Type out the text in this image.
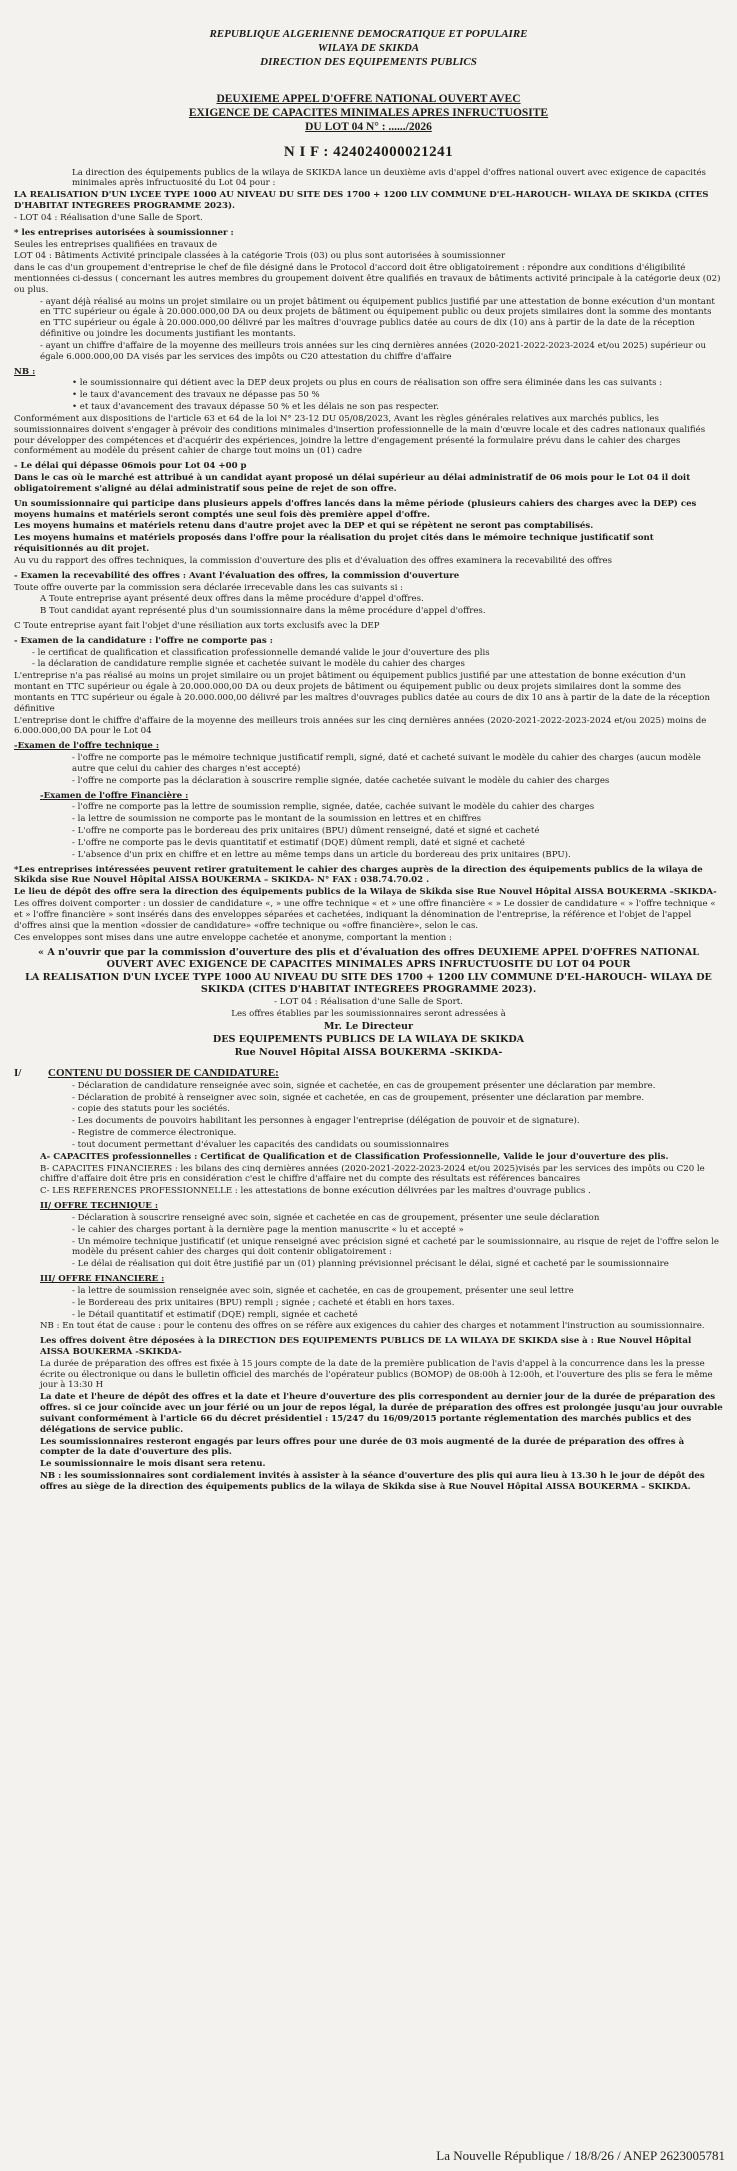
REPUBLIQUE ALGERIENNE DEMOCRATIQUE ET POPULAIRE
WILAYA DE SKIKDA
DIRECTION DES EQUIPEMENTS PUBLICS
DEUXIEME APPEL D'OFFRE NATIONAL OUVERT AVEC
EXIGENCE DE CAPACITES MINIMALES APRES INFRUCTUOSITE
DU LOT 04 N° : ....../2026
N I F : 424024000021241

La direction des équipements publics de la wilaya de SKIKDA lance un deuxième avis d'appel d'offres national ouvert avec exigence de capacités minimales après infructuosité du Lot 04 pour :

LA REALISATION D'UN LYCEE TYPE 1000 AU NIVEAU DU SITE DES 1700 + 1200 LLV COMMUNE D'EL-HAROUCH- WILAYA DE SKIKDA (CITES D'HABITAT INTEGREES PROGRAMME 2023).

- LOT 04 : Réalisation d'une Salle de Sport.

* les entreprises autorisées à soumissionner :

Seules les entreprises qualifiées en travaux de

LOT 04 : Bâtiments Activité principale classées à la catégorie Trois (03) ou plus sont autorisées à soumissionner

dans le cas d'un groupement d'entreprise le chef de file désigné dans le Protocol d'accord doit être obligatoirement : répondre aux conditions d'éligibilité mentionnées ci-dessus ( concernant les autres membres du groupement doivent être qualifiés en travaux de bâtiments activité principale à la catégorie deux (02) ou plus.

- ayant déjà réalisé au moins un projet similaire ou un projet bâtiment ou équipement publics justifié par une attestation de bonne exécution d'un montant en TTC supérieur ou égale à 20.000.000,00 DA ou deux projets de bâtiment ou équipement public ou deux projets similaires dont la somme des montants en TTC supérieur ou égale à 20.000.000,00 délivré par les maîtres d'ouvrage publics datée au cours de dix (10) ans à partir de la date de la réception définitive ou joindre les documents justifiant les montants.

- ayant un chiffre d'affaire de la moyenne des meilleurs trois années sur les cinq dernières années (2020-2021-2022-2023-2024 et/ou 2025) supérieur ou égale 6.000.000,00 DA visés par les services des impôts ou C20 attestation du chiffre d'affaire

NB :

• le soumissionnaire qui détient avec la DEP deux projets ou plus en cours de réalisation son offre sera éliminée dans les cas suivants :

• le taux d'avancement des travaux ne dépasse pas 50 %

• et taux d'avancement des travaux dépasse 50 % et les délais ne son pas respecter.

Conformément aux dispositions de l'article 63 et 64 de la loi N° 23-12 DU 05/08/2023, Avant les règles générales relatives aux marchés publics, les soumissionnaires doivent s'engager à prévoir des conditions minimales d'insertion professionnelle de la main d'œuvre locale et des cadres nationaux qualifiés pour développer des compétences et d'acquérir des expériences, joindre la lettre d'engagement présenté la formulaire prévu dans le cahier des charges conformément au modèle du présent cahier de charge tout moins un (01) cadre

- Le délai qui dépasse 06mois pour Lot 04 +00 p

Dans le cas où le marché est attribué à un candidat ayant proposé un délai supérieur au délai administratif de 06 mois pour le Lot 04 il doit obligatoirement s'aligné au délai administratif sous peine de rejet de son offre.

Un soumissionnaire qui participe dans plusieurs appels d'offres lancés dans la même période (plusieurs cahiers des charges avec la DEP) ces moyens humains et matériels seront comptés une seul fois dès première appel d'offre.

Les moyens humains et matériels retenu dans d'autre projet avec la DEP et qui se répètent ne seront pas comptabilisés.

Les moyens humains et matériels proposés dans l'offre pour la réalisation du projet cités dans le mémoire technique justificatif sont réquisitionnés au dit projet.

Au vu du rapport des offres techniques, la commission d'ouverture des plis et d'évaluation des offres examinera la recevabilité des offres

- Examen la recevabilité des offres : Avant l'évaluation des offres, la commission d'ouverture

Toute offre ouverte par la commission sera déclarée irrecevable dans les cas suivants si :

A Toute entreprise ayant présenté deux offres dans la même procédure d'appel d'offres.

B Tout candidat ayant représenté plus d'un soumissionnaire dans la même procédure d'appel d'offres.

C Toute entreprise ayant fait l'objet d'une résiliation aux torts exclusifs avec la DEP

- Examen de la candidature : l'offre ne comporte pas :

- le certificat de qualification et classification professionnelle demandé valide le jour d'ouverture des plis

- la déclaration de candidature remplie signée et cachetée suivant le modèle du cahier des charges

L'entreprise n'a pas réalisé au moins un projet similaire ou un projet bâtiment ou équipement publics justifié par une attestation de bonne exécution d'un montant en TTC supérieur ou égale à 20.000.000,00 DA ou deux projets de bâtiment ou équipement public ou deux projets similaires dont la somme des montants en TTC supérieur ou égale à 20.000.000,00 délivré par les maîtres d'ouvrages publics datée au cours de dix 10 ans à partir de la date de la réception définitive

L'entreprise dont le chiffre d'affaire de la moyenne des meilleurs trois années sur les cinq dernières années (2020-2021-2022-2023-2024 et/ou 2025) moins de 6.000.000,00 DA pour le Lot 04

-Examen de l'offre technique :

- l'offre ne comporte pas le mémoire technique justificatif rempli, signé, daté et cacheté suivant le modèle du cahier des charges (aucun modèle autre que celui du cahier des charges n'est accepté)

- l'offre ne comporte pas la déclaration à souscrire remplie signée, datée cachetée suivant le modèle du cahier des charges

-Examen de l'offre Financière :

- l'offre ne comporte pas la lettre de soumission remplie, signée, datée, cachée suivant le modèle du cahier des charges

- la lettre de soumission ne comporte pas le montant de la soumission en lettres et en chiffres

- L'offre ne comporte pas le bordereau des prix unitaires (BPU) dûment renseigné, daté et signé et cacheté

- L'offre ne comporte pas le devis quantitatif et estimatif (DQE) dûment rempli, daté et signé et cacheté

- L'absence d'un prix en chiffre et en lettre au même temps dans un article du bordereau des prix unitaires (BPU).

*Les entreprises intéressées peuvent retirer gratuitement le cahier des charges auprès de la direction des équipements publics de la wilaya de Skikda sise Rue Nouvel Hôpital AISSA BOUKERMA – SKIKDA- N° FAX : 038.74.70.02 .

Le lieu de dépôt des offre sera la direction des équipements publics de la Wilaya de Skikda sise Rue Nouvel Hôpital AISSA BOUKERMA –SKIKDA-

Les offres doivent comporter : un dossier de candidature «, » une offre technique « et » une offre financière « » Le dossier de candidature « » l'offre technique « et » l'offre financière » sont insérés dans des enveloppes séparées et cachetées, indiquant la dénomination de l'entreprise, la référence et l'objet de l'appel d'offres ainsi que la mention «dossier de candidature» «offre technique ou «offre financière», selon le cas.

Ces enveloppes sont mises dans une autre enveloppe cachetée et anonyme, comportant la mention :

« A n'ouvrir que par la commission d'ouverture des plis et d'évaluation des offres DEUXIEME APPEL D'OFFRES NATIONAL OUVERT AVEC EXIGENCE DE CAPACITES MINIMALES APRS INFRUCTUOSITE DU LOT 04 POUR

LA REALISATION D'UN LYCEE TYPE 1000 AU NIVEAU DU SITE DES 1700 + 1200 LLV COMMUNE D'EL-HAROUCH- WILAYA DE SKIKDA (CITES D'HABITAT INTEGREES PROGRAMME 2023).

- LOT 04 : Réalisation d'une Salle de Sport.

Les offres établies par les soumissionnaires seront adressées à

Mr. Le Directeur

DES EQUIPEMENTS PUBLICS DE LA WILAYA DE SKIKDA

Rue Nouvel Hôpital AISSA BOUKERMA –SKIKDA-

I/ CONTENU DU DOSSIER DE CANDIDATURE:

- Déclaration de candidature renseignée avec soin, signée et cachetée, en cas de groupement présenter une déclaration par membre.

- Déclaration de probité à renseigner avec soin, signée et cachetée, en cas de groupement, présenter une déclaration par membre.

- copie des statuts pour les sociétés.

- Les documents de pouvoirs habilitant les personnes à engager l'entreprise (délégation de pouvoir et de signature).

- Registre de commerce électronique.

- tout document permettant d'évaluer les capacités des candidats ou soumissionnaires

A- CAPACITES professionnelles : Certificat de Qualification et de Classification Professionnelle, Valide le jour d'ouverture des plis.

B- CAPACITES FINANCIERES : les bilans des cinq dernières années (2020-2021-2022-2023-2024 et/ou 2025)visés par les services des impôts ou C20 le chiffre d'affaire doit être pris en considération c'est le chiffre d'affaire net du compte des résultats est références bancaires

C- LES REFERENCES PROFESSIONNELLE : les attestations de bonne exécution délivrées par les maîtres d'ouvrage publics .

II/ OFFRE TECHNIQUE :

- Déclaration à souscrire renseigné avec soin, signée et cachetée en cas de groupement, présenter une seule déclaration

- le cahier des charges portant à la dernière page la mention manuscrite « lu et accepté »

- Un mémoire technique justificatif (et unique renseigné avec précision signé et cacheté par le soumissionnaire, au risque de rejet de l'offre selon le modèle du présent cahier des charges qui doit contenir obligatoirement :

- Le délai de réalisation qui doit être justifié par un (01) planning prévisionnel précisant le délai, signé et cacheté par le soumissionnaire

III/ OFFRE FINANCIERE :

- la lettre de soumission renseignée avec soin, signée et cachetée, en cas de groupement, présenter une seul lettre

- le Bordereau des prix unitaires (BPU) rempli ; signée ; cacheté et établi en hors taxes.

- le Détail quantitatif et estimatif (DQE) rempli, signée et cacheté

NB : En tout état de cause : pour le contenu des offres on se réfère aux exigences du cahier des charges et notamment l'instruction au soumissionnaire.

Les offres doivent être déposées à la DIRECTION DES EQUIPEMENTS PUBLICS DE LA WILAYA DE SKIKDA sise à : Rue Nouvel Hôpital AISSA BOUKERMA -SKIKDA-

La durée de préparation des offres est fixée à 15 jours compte de la date de la première publication de l'avis d'appel à la concurrence dans les la presse écrite ou électronique ou dans le bulletin officiel des marchés de l'opérateur publics (BOMOP) de 08:00h à 12:00h, et l'ouverture des plis se fera le même jour à 13:30 H

La date et l'heure de dépôt des offres et la date et l'heure d'ouverture des plis correspondent au dernier jour de la durée de préparation des offres. si ce jour coïncide avec un jour férié ou un jour de repos légal, la durée de préparation des offres est prolongée jusqu'au jour ouvrable suivant conformément à l'article 66 du décret présidentiel : 15/247 du 16/09/2015 portante réglementation des marchés publics et des délégations de service public.

Les soumissionnaires resteront engagés par leurs offres pour une durée de 03 mois augmenté de la durée de préparation des offres à compter de la date d'ouverture des plis.

Le soumissionnaire le mois disant sera retenu.

NB : les soumissionnaires sont cordialement invités à assister à la séance d'ouverture des plis qui aura lieu à 13.30 h le jour de dépôt des offres au siège de la direction des équipements publics de la wilaya de Skikda sise à Rue Nouvel Hôpital AISSA BOUKERMA – SKIKDA.

La Nouvelle République / 18/8/26 / ANEP 2623005781
